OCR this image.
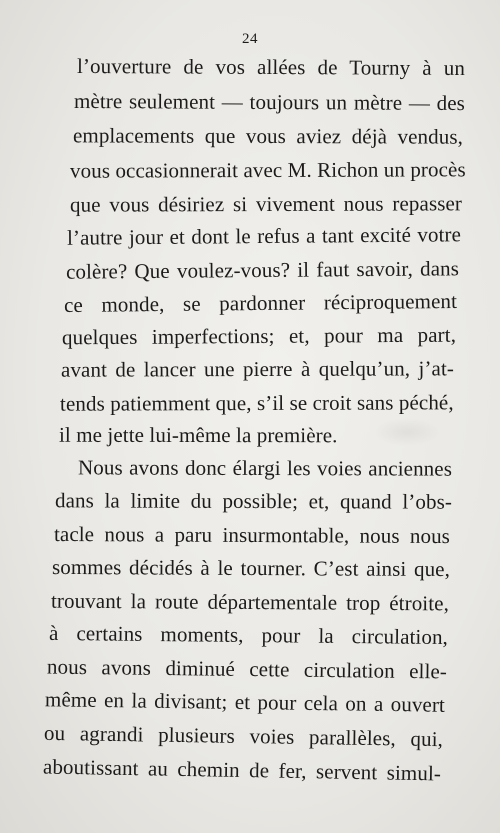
24
l’ouverture de vos allées de Tourny à un
mètre seulement — toujours un mètre — des
emplacements que vous aviez déjà vendus,
vous occasionnerait avec M. Richon un procès
que vous désiriez si vivement nous repasser
l’autre jour et dont le refus a tant excité votre
colère? Que voulez-vous? il faut savoir, dans
ce monde, se pardonner réciproquement
quelques imperfections; et, pour ma part,
avant de lancer une pierre à quelqu’un, j’at-
tends patiemment que, s’il se croit sans péché,
il me jette lui-même la première.
Nous avons donc élargi les voies anciennes
dans la limite du possible; et, quand l’obs-
tacle nous a paru insurmontable, nous nous
sommes décidés à le tourner. C’est ainsi que,
trouvant la route départementale trop étroite,
à certains moments, pour la circulation,
nous avons diminué cette circulation elle-
même en la divisant; et pour cela on a ouvert
ou agrandi plusieurs voies parallèles, qui,
aboutissant au chemin de fer, servent simul-
